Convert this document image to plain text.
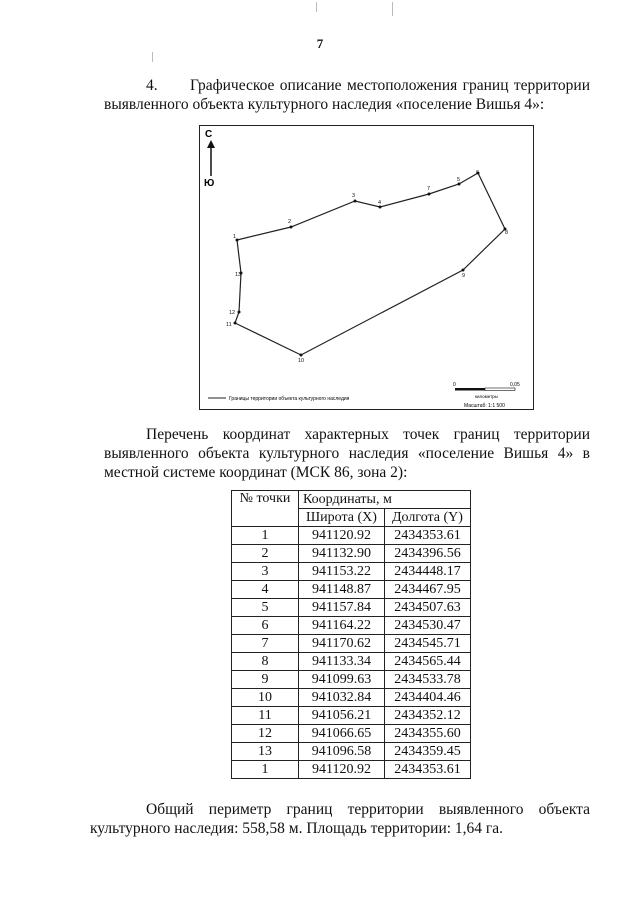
7
4. Графическое описание местоположения границ территории
выявленного объекта культурного наследия «поселение Вишья 4»:
С
Ю
1
2
3
4
7
5
6
8
9
10
11
12
13
Границы территории объекта культурного наследия
0	0,05
километры
Масштаб: 1:1 500
Перечень координат характерных точек границ территории
выявленного объекта культурного наследия «поселение Вишья 4» в
местной системе координат (МСК 86, зона 2):
№ точки	Координаты, м	
	Широта (X)	Долгота (Y)
1	941120.92	2434353.61
2	941132.90	2434396.56
3	941153.22	2434448.17
4	941148.87	2434467.95
5	941157.84	2434507.63
6	941164.22	2434530.47
7	941170.62	2434545.71
8	941133.34	2434565.44
9	941099.63	2434533.78
10	941032.84	2434404.46
11	941056.21	2434352.12
12	941066.65	2434355.60
13	941096.58	2434359.45
1	941120.92	2434353.61
Общий периметр границ территории выявленного объекта
культурного наследия: 558,58 м. Площадь территории: 1,64 га.
